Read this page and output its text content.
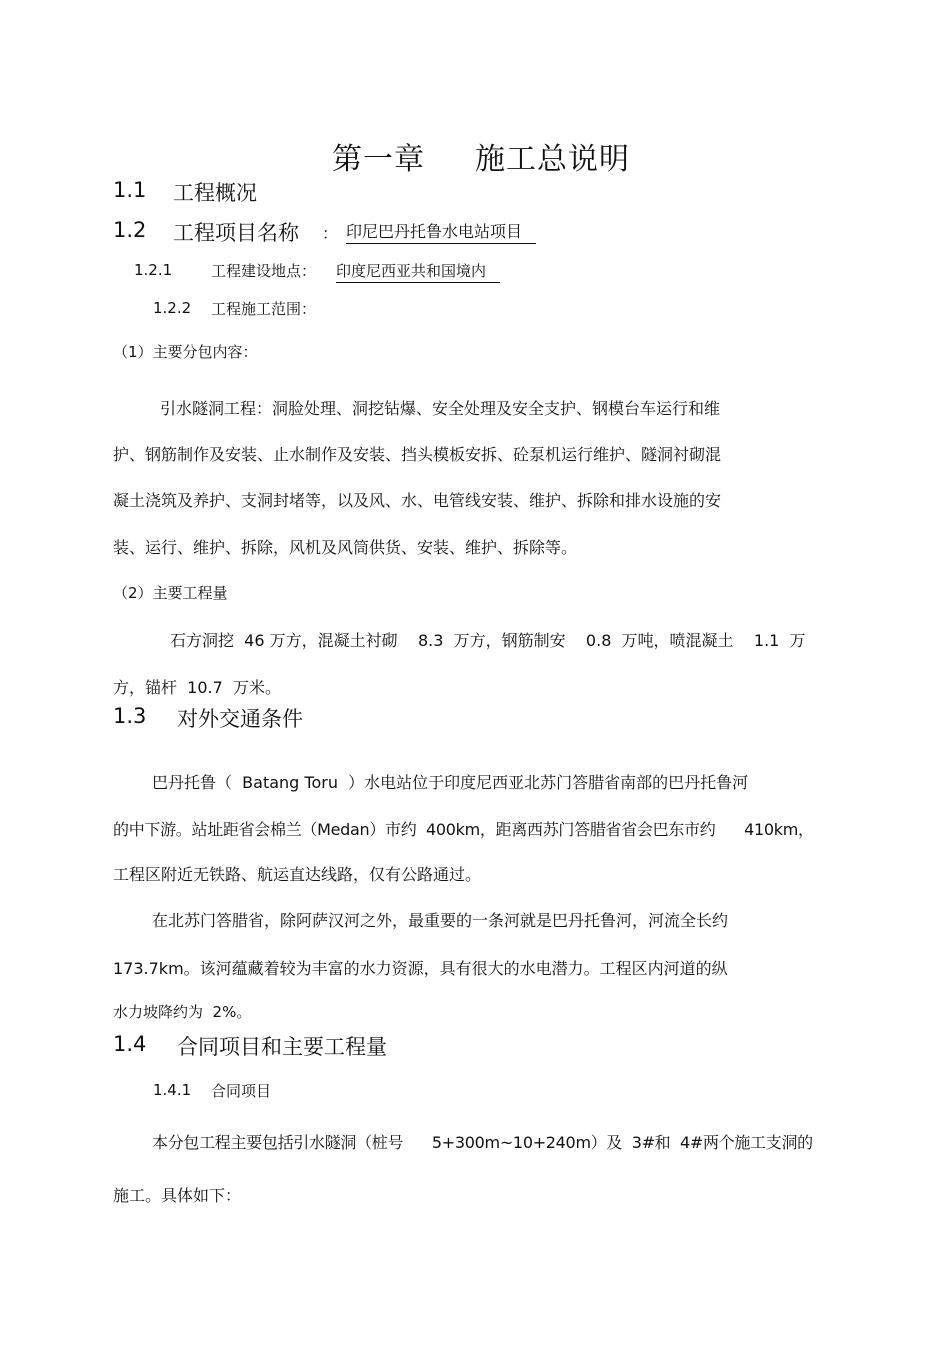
第一章 施工总说明
1.1 工程概况
1.2 工程项目名称 ： 印尼巴丹托鲁水电站项目
1.2.1	工程建设地点： 印度尼西亚共和国境内
1.2.2 工程施工范围：
（1）主要分包内容：
引水隧洞工程：洞脸处理、洞挖钻爆、安全处理及安全支护、钢模台车运行和维
护、钢筋制作及安装、止水制作及安装、挡头模板安拆、砼泵机运行维护、隧洞衬砌混
凝土浇筑及养护、支洞封堵等，以及风、水、电管线安装、维护、拆除和排水设施的安
装、运行、维护、拆除，风机及风筒供货、安装、维护、拆除等。
（2）主要工程量
石方洞挖  46 万方，混凝土衬砌    8.3  万方，钢筋制安    0.8  万吨，喷混凝土    1.1  万
方，锚杆  10.7  万米。
1.3 对外交通条件
巴丹托鲁（  Batang Toru  ）水电站位于印度尼西亚北苏门答腊省南部的巴丹托鲁河
的中下游。站址距省会棉兰（Medan）市约  400km，距离西苏门答腊省省会巴东市约      410km，
工程区附近无铁路、航运直达线路，仅有公路通过。
在北苏门答腊省，除阿萨汉河之外，最重要的一条河就是巴丹托鲁河，河流全长约
173.7km。该河蕴藏着较为丰富的水力资源，具有很大的水电潜力。工程区内河道的纵
水力坡降约为  2%。
1.4 合同项目和主要工程量
1.4.1 合同项目
本分包工程主要包括引水隧洞（桩号      5+300m~10+240m）及  3#和  4#两个施工支洞的
施工。具体如下：
